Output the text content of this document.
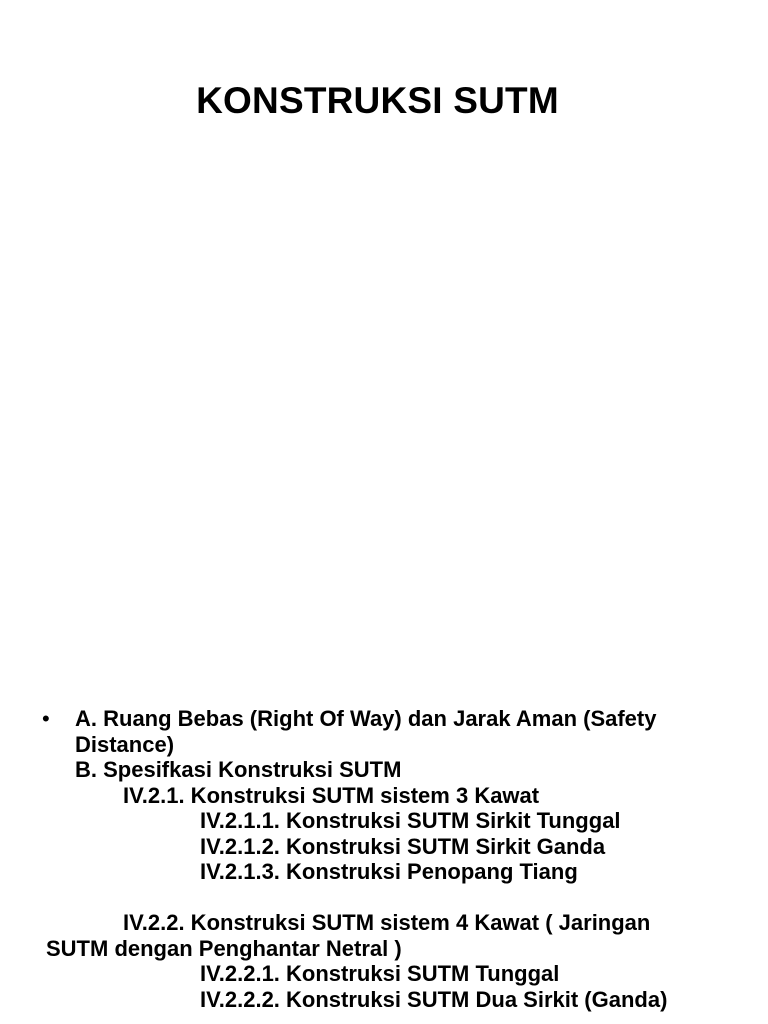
KONSTRUKSI SUTM
•	A. Ruang Bebas (Right Of Way) dan Jarak Aman (Safety
Distance)
B. Spesifkasi Konstruksi SUTM
IV.2.1. Konstruksi SUTM sistem 3 Kawat
IV.2.1.1. Konstruksi SUTM Sirkit Tunggal
IV.2.1.2. Konstruksi SUTM Sirkit Ganda
IV.2.1.3. Konstruksi Penopang Tiang
IV.2.2. Konstruksi SUTM sistem 4 Kawat ( Jaringan
SUTM dengan Penghantar Netral )
IV.2.2.1. Konstruksi SUTM Tunggal
IV.2.2.2. Konstruksi SUTM Dua Sirkit (Ganda)
